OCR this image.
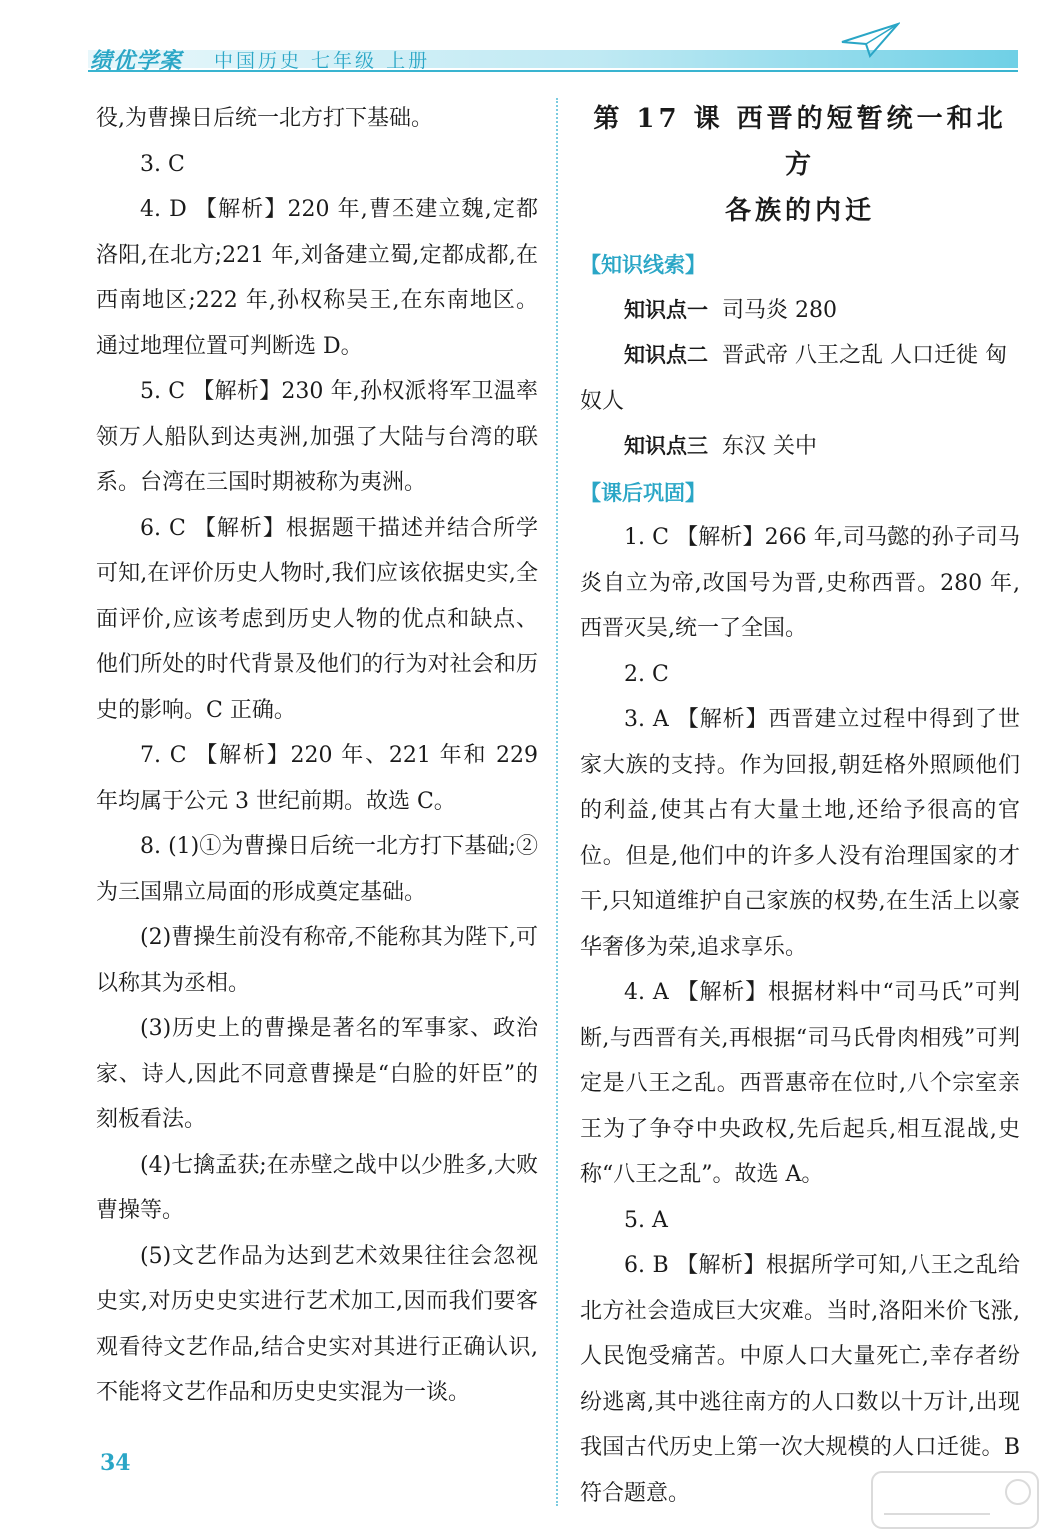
绩优学案 中国历史 七年级 上册

役,为曹操日后统一北方打下基础。

3. C

4. D 【解析】220 年,曹丕建立魏,定都洛阳,在北方;221 年,刘备建立蜀,定都成都,在西南地区;222 年,孙权称吴王,在东南地区。通过地理位置可判断选 D。

5. C 【解析】230 年,孙权派将军卫温率领万人船队到达夷洲,加强了大陆与台湾的联系。台湾在三国时期被称为夷洲。

6. C 【解析】根据题干描述并结合所学可知,在评价历史人物时,我们应该依据史实,全面评价,应该考虑到历史人物的优点和缺点、他们所处的时代背景及他们的行为对社会和历史的影响。C 正确。

7. C 【解析】220 年、221 年和 229 年均属于公元 3 世纪前期。故选 C。

8. (1)①为曹操日后统一北方打下基础;②为三国鼎立局面的形成奠定基础。

(2)曹操生前没有称帝,不能称其为陛下,可以称其为丞相。

(3)历史上的曹操是著名的军事家、政治家、诗人,因此不同意曹操是“白脸的奸臣”的刻板看法。

(4)七擒孟获;在赤壁之战中以少胜多,大败曹操等。

(5)文艺作品为达到艺术效果往往会忽视史实,对历史史实进行艺术加工,因而我们要客观看待文艺作品,结合史实对其进行正确认识,不能将文艺作品和历史史实混为一谈。

第 17 课 西晋的短暂统一和北方
各族的内迁

【知识线索】

知识点一 司马炎 280

知识点二 晋武帝 八王之乱 人口迁徙 匈奴人

知识点三 东汉 关中

【课后巩固】

1. C 【解析】266 年,司马懿的孙子司马炎自立为帝,改国号为晋,史称西晋。280 年,西晋灭吴,统一了全国。

2. C

3. A 【解析】西晋建立过程中得到了世家大族的支持。作为回报,朝廷格外照顾他们的利益,使其占有大量土地,还给予很高的官位。但是,他们中的许多人没有治理国家的才干,只知道维护自己家族的权势,在生活上以豪华奢侈为荣,追求享乐。

4. A 【解析】根据材料中“司马氏”可判断,与西晋有关,再根据“司马氏骨肉相残”可判定是八王之乱。西晋惠帝在位时,八个宗室亲王为了争夺中央政权,先后起兵,相互混战,史称“八王之乱”。故选 A。

5. A

6. B 【解析】根据所学可知,八王之乱给北方社会造成巨大灾难。当时,洛阳米价飞涨,人民饱受痛苦。中原人口大量死亡,幸存者纷纷逃离,其中逃往南方的人口数以十万计,出现我国古代历史上第一次大规模的人口迁徙。B 符合题意。

34
